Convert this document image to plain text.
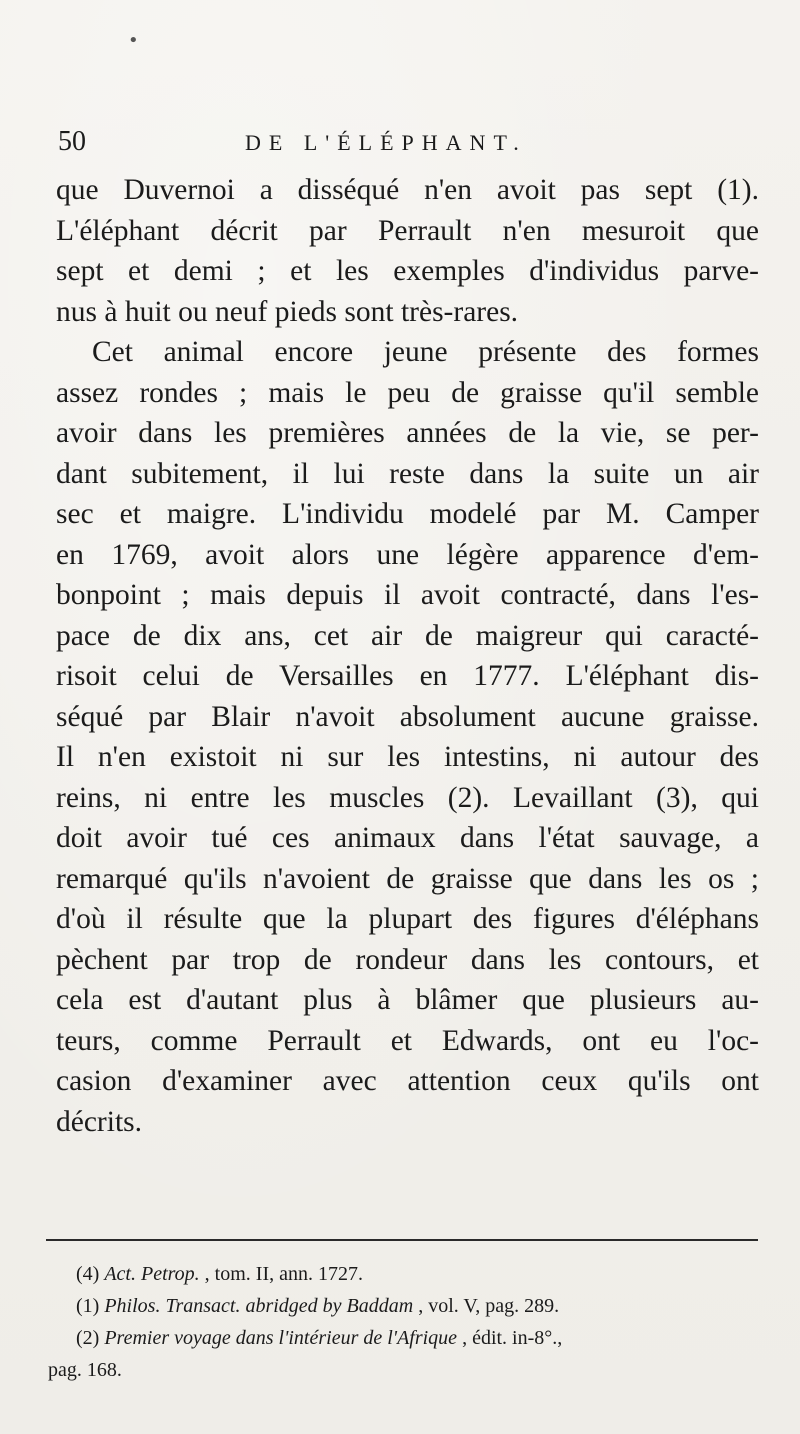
•
50	DE L'ÉLÉPHANT.
que Duvernoi a disséqué n'en avoit pas sept (1).
L'éléphant décrit par Perrault n'en mesuroit que
sept et demi ; et les exemples d'individus parve-
nus à huit ou neuf pieds sont très-rares.
Cet animal encore jeune présente des formes
assez rondes ; mais le peu de graisse qu'il semble
avoir dans les premières années de la vie, se per-
dant subitement, il lui reste dans la suite un air
sec et maigre. L'individu modelé par M. Camper
en 1769, avoit alors une légère apparence d'em-
bonpoint ; mais depuis il avoit contracté, dans l'es-
pace de dix ans, cet air de maigreur qui caracté-
risoit celui de Versailles en 1777. L'éléphant dis-
séqué par Blair n'avoit absolument aucune graisse.
Il n'en existoit ni sur les intestins, ni autour des
reins, ni entre les muscles (2). Levaillant (3), qui
doit avoir tué ces animaux dans l'état sauvage, a
remarqué qu'ils n'avoient de graisse que dans les os ;
d'où il résulte que la plupart des figures d'éléphans
pèchent par trop de rondeur dans les contours, et
cela est d'autant plus à blâmer que plusieurs au-
teurs, comme Perrault et Edwards, ont eu l'oc-
casion d'examiner avec attention ceux qu'ils ont
décrits.
(4) Act. Petrop. , tom. II, ann. 1727.
(1) Philos. Transact. abridged by Baddam , vol. V, pag. 289.
(2) Premier voyage dans l'intérieur de l'Afrique , édit. in-8°.,
pag. 168.
